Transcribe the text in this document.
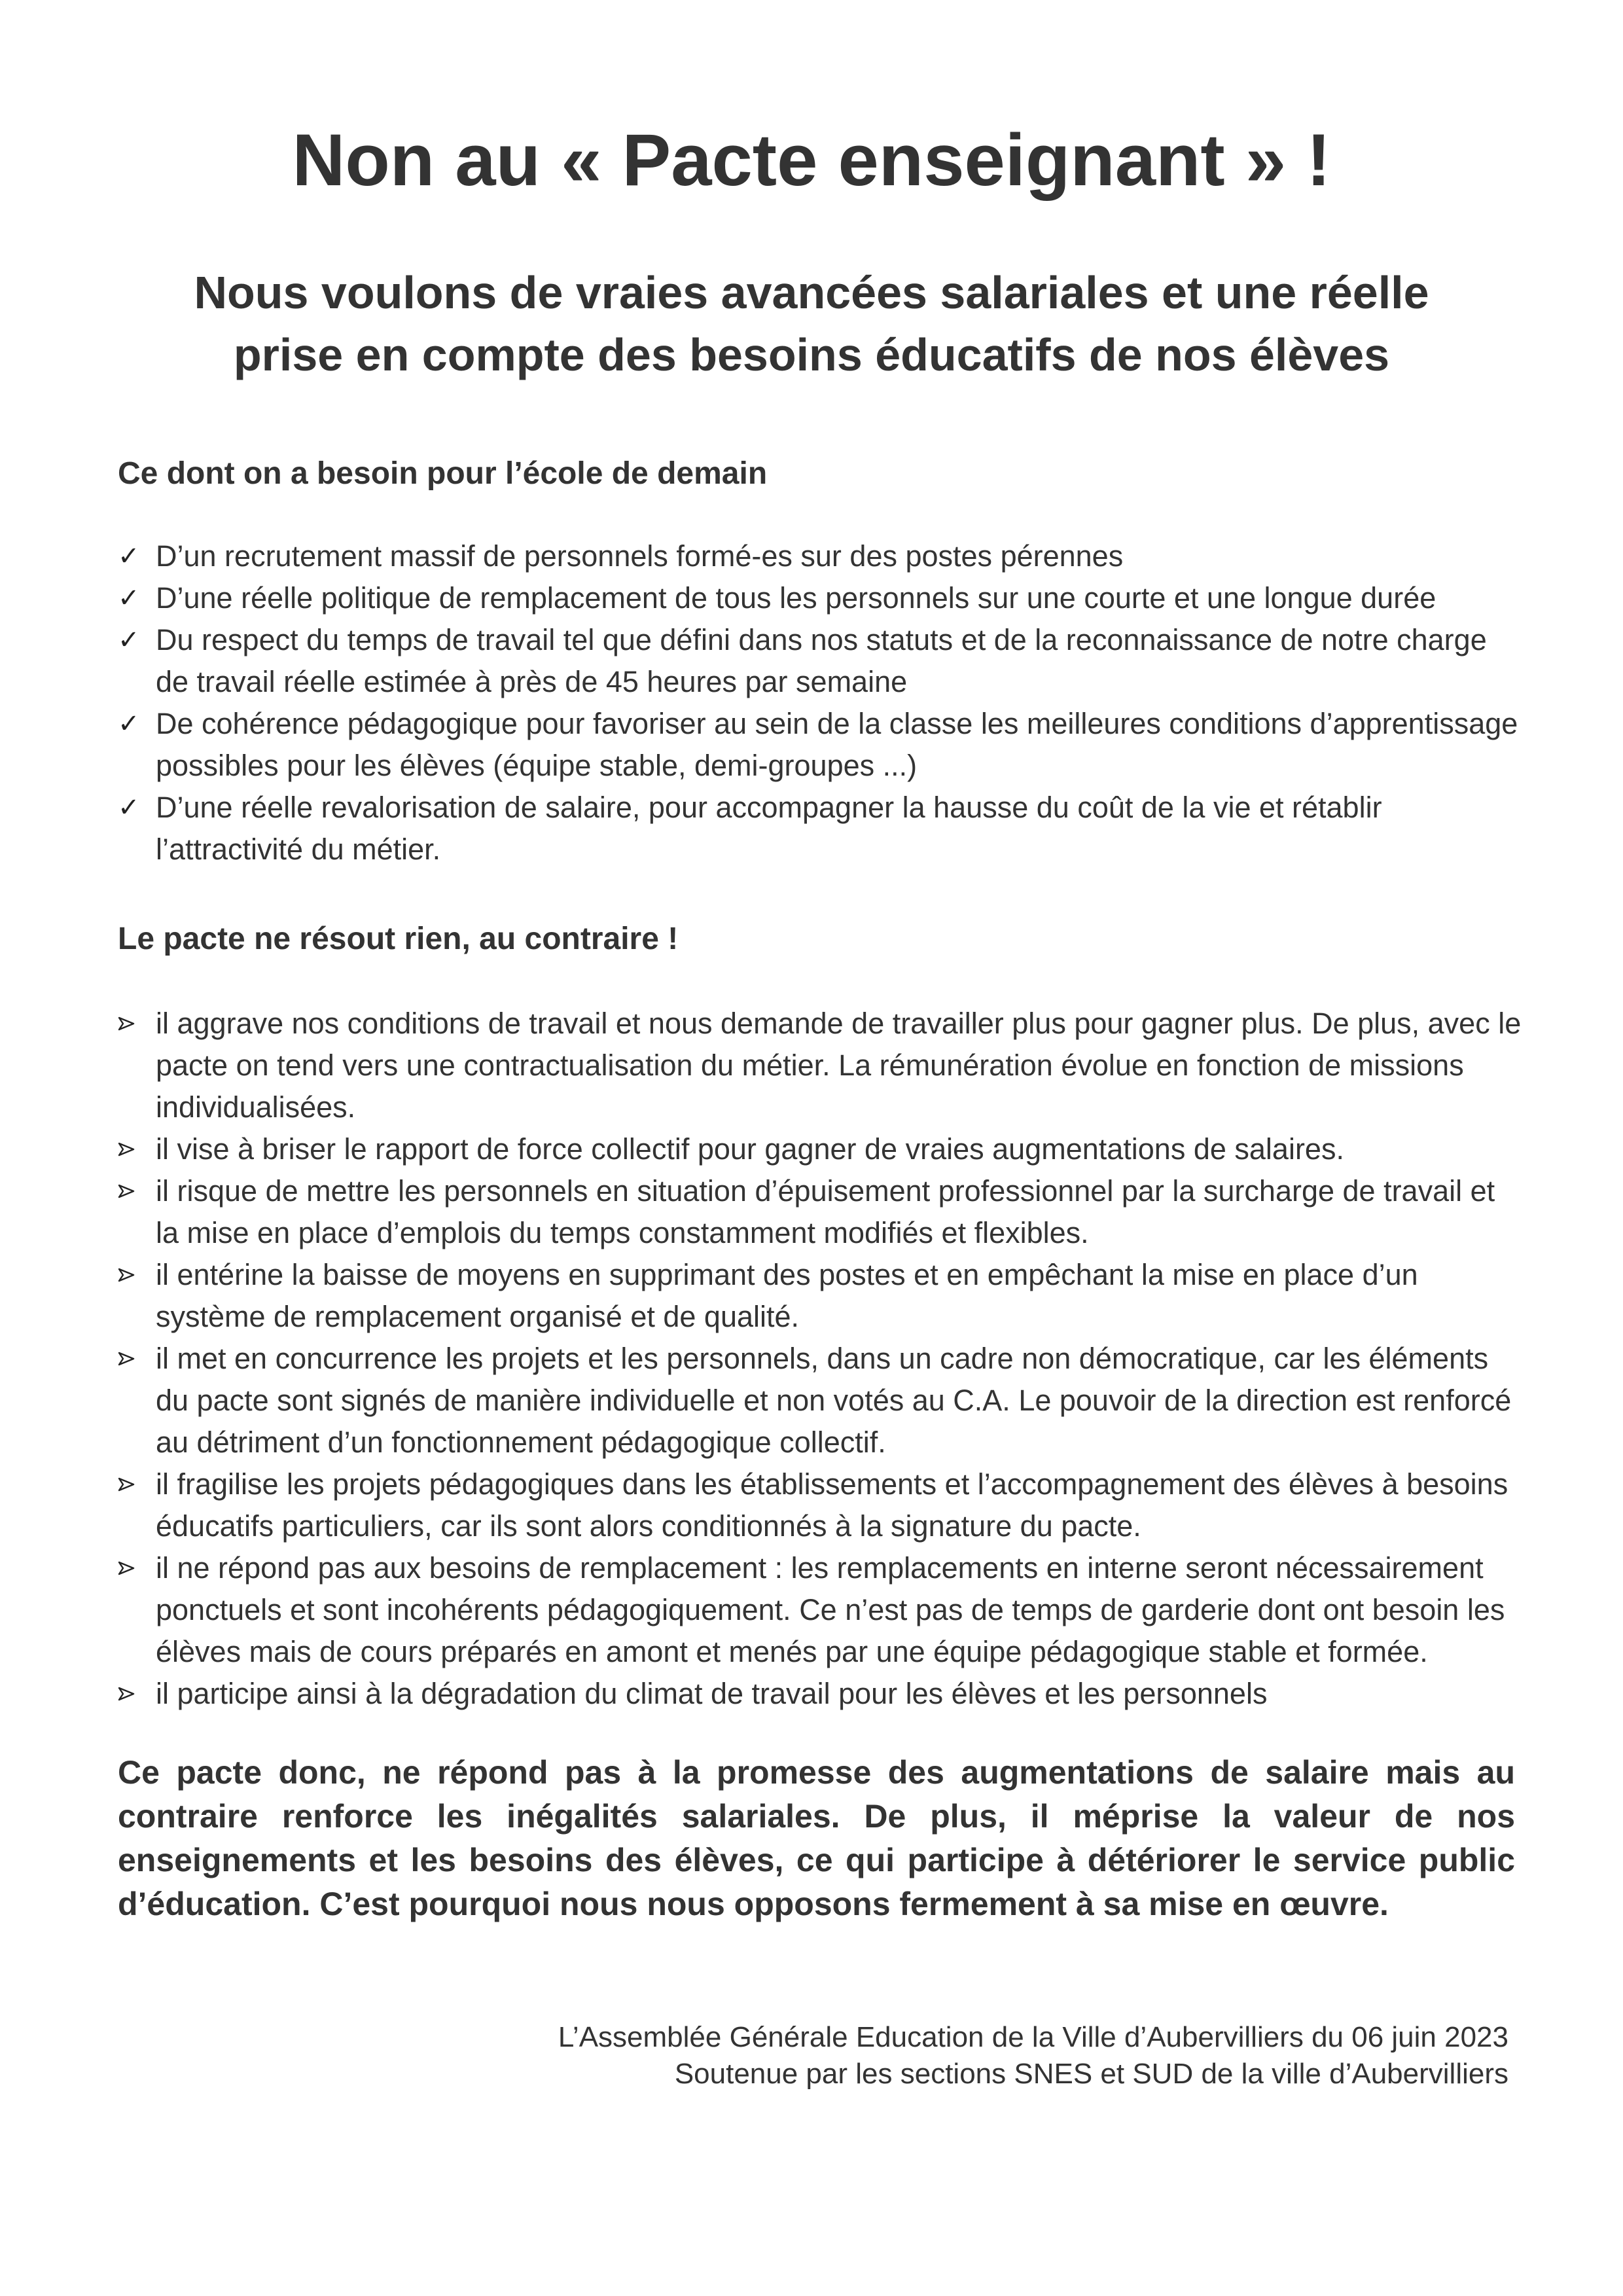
Non au « Pacte enseignant » !
Nous voulons de vraies avancées salariales et une réelle
prise en compte des besoins éducatifs de nos élèves
Ce dont on a besoin pour l’école de demain
✓ D’un recrutement massif de personnels formé-es sur des postes pérennes
✓ D’une réelle politique de remplacement de tous les personnels sur une courte et une longue durée
✓ Du respect du temps de travail tel que défini dans nos statuts et de la reconnaissance de notre charge de travail réelle estimée à près de 45 heures par semaine
✓ De cohérence pédagogique pour favoriser au sein de la classe les meilleures conditions d’apprentissage possibles pour les élèves (équipe stable, demi-groupes ...)
✓ D’une réelle revalorisation de salaire, pour accompagner la hausse du coût de la vie et rétablir l’attractivité du métier.
Le pacte ne résout rien, au contraire !
il aggrave nos conditions de travail et nous demande de travailler plus pour gagner plus. De plus, avec le pacte on tend vers une contractualisation du métier. La rémunération évolue en fonction de missions individualisées.
il vise à briser le rapport de force collectif pour gagner de vraies augmentations de salaires.
il risque de mettre les personnels en situation d’épuisement professionnel par la surcharge de travail et la mise en place d’emplois du temps constamment modifiés et flexibles.
il entérine la baisse de moyens en supprimant des postes et en empêchant la mise en place d’un système de remplacement organisé et de qualité.
il met en concurrence les projets et les personnels, dans un cadre non démocratique, car les éléments du pacte sont signés de manière individuelle et non votés au C.A. Le pouvoir de la direction est renforcé au détriment d’un fonctionnement pédagogique collectif.
il fragilise les projets pédagogiques dans les établissements et l’accompagnement des élèves à besoins éducatifs particuliers, car ils sont alors conditionnés à la signature du pacte.
il ne répond pas aux besoins de remplacement : les remplacements en interne seront nécessairement ponctuels et sont incohérents pédagogiquement. Ce n’est pas de temps de garderie dont ont besoin les élèves mais de cours préparés en amont et menés par une équipe pédagogique stable et formée.
il participe ainsi à la dégradation du climat de travail pour les élèves et les personnels
Ce pacte donc, ne répond pas à la promesse des augmentations de salaire mais au contraire renforce les inégalités salariales. De plus, il méprise la valeur de nos enseignements et les besoins des élèves, ce qui participe à détériorer le service public d’éducation. C’est pourquoi nous nous opposons fermement à sa mise en œuvre.
L’Assemblée Générale Education de la Ville d’Aubervilliers du 06 juin 2023
Soutenue par les sections SNES et SUD de la ville d’Aubervilliers
